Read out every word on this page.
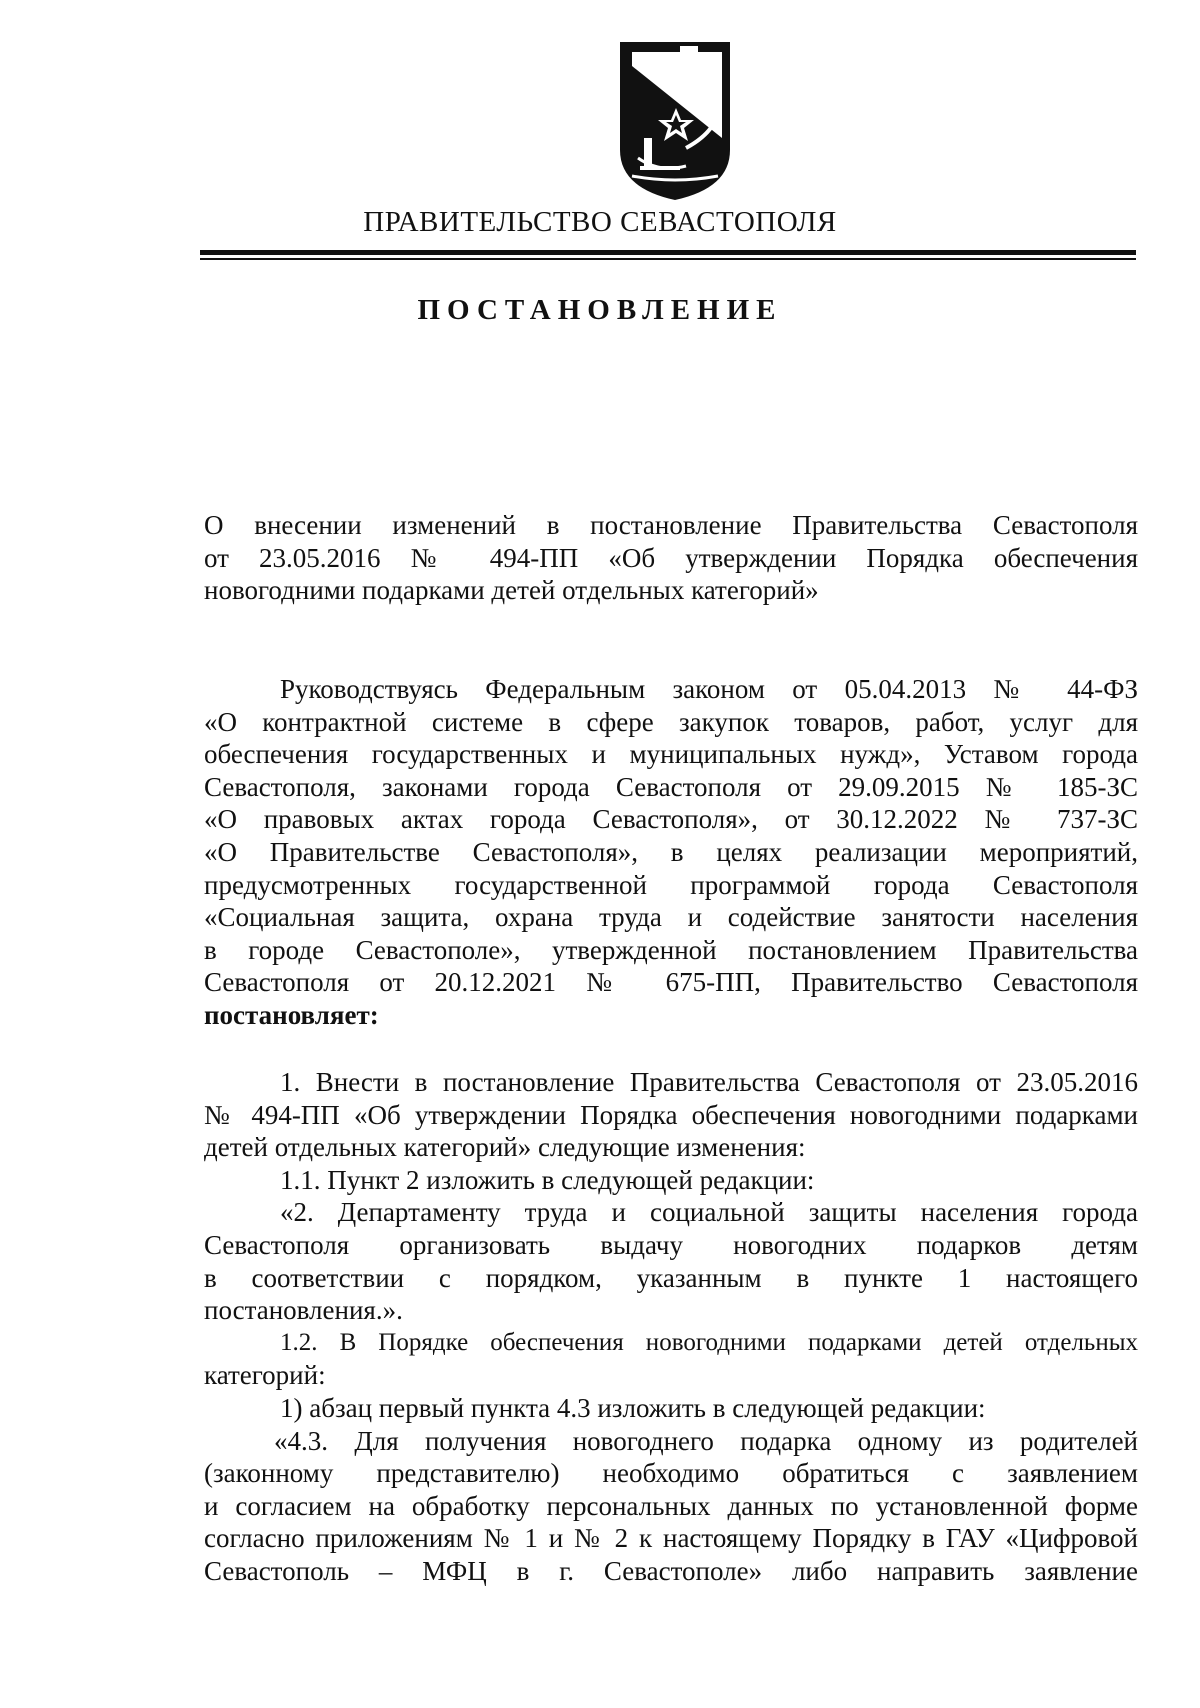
ПРАВИТЕЛЬСТВО СЕВАСТОПОЛЯ
ПОСТАНОВЛЕНИЕ

О внесении изменений в постановление Правительства Севастополя

от 23.05.2016 № 494-ПП «Об утверждении Порядка обеспечения

новогодними подарками детей отдельных категорий»

Руководствуясь Федеральным законом от 05.04.2013 № 44-ФЗ

«О контрактной системе в сфере закупок товаров, работ, услуг для

обеспечения государственных и муниципальных нужд», Уставом города

Севастополя, законами города Севастополя от 29.09.2015 № 185-ЗС

«О правовых актах города Севастополя», от 30.12.2022 № 737-ЗС

«О Правительстве Севастополя», в целях реализации мероприятий,

предусмотренных государственной программой города Севастополя

«Социальная защита, охрана труда и содействие занятости населения

в городе Севастополе», утвержденной постановлением Правительства

Севастополя от 20.12.2021 № 675-ПП, Правительство Севастополя

постановляет:

1. Внести в постановление Правительства Севастополя от 23.05.2016

№ 494-ПП «Об утверждении Порядка обеспечения новогодними подарками

детей отдельных категорий» следующие изменения:

1.1. Пункт 2 изложить в следующей редакции:

«2. Департаменту труда и социальной защиты населения города

Севастополя организовать выдачу новогодних подарков детям

в соответствии с порядком, указанным в пункте 1 настоящего

постановления.».

1.2. В Порядке обеспечения новогодними подарками детей отдельных

категорий:

1) абзац первый пункта 4.3 изложить в следующей редакции:

«4.3. Для получения новогоднего подарка одному из родителей

(законному представителю) необходимо обратиться с заявлением

и согласием на обработку персональных данных по установленной форме

согласно приложениям № 1 и № 2 к настоящему Порядку в ГАУ «Цифровой

Севастополь – МФЦ в г. Севастополе» либо направить заявление
